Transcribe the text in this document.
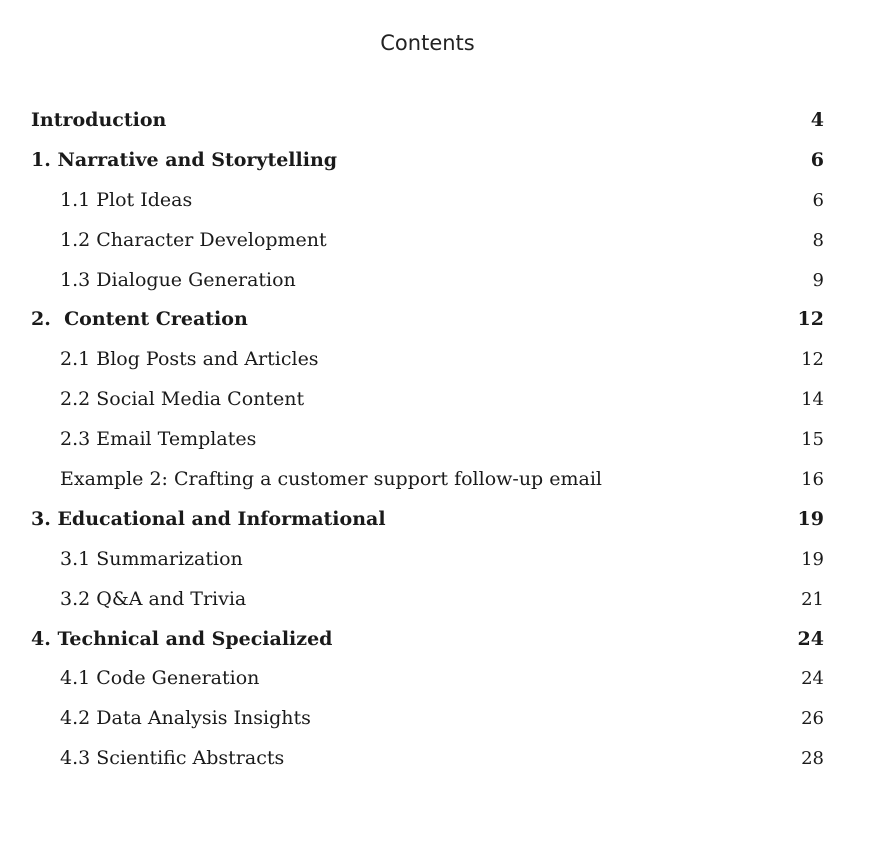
Contents
Introduction	4
1. Narrative and Storytelling	6
1.1 Plot Ideas	6
1.2 Character Development	8
1.3 Dialogue Generation	9
2.  Content Creation	12
2.1 Blog Posts and Articles	12
2.2 Social Media Content	14
2.3 Email Templates	15
Example 2: Crafting a customer support follow-up email	16
3. Educational and Informational	19
3.1 Summarization	19
3.2 Q&A and Trivia	21
4. Technical and Specialized	24
4.1 Code Generation	24
4.2 Data Analysis Insights	26
4.3 Scientific Abstracts	28
